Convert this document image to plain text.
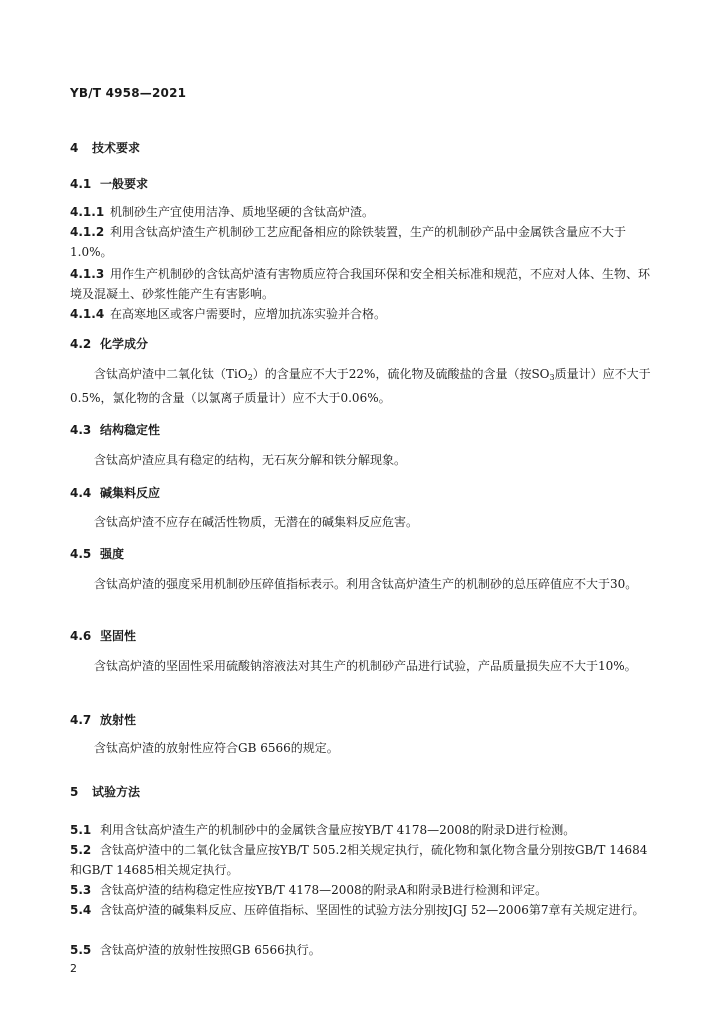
YB/T 4958—2021
4 技术要求
4.1 一般要求
4.1.1 机制砂生产宜使用洁净、质地坚硬的含钛高炉渣。
4.1.2 利用含钛高炉渣生产机制砂工艺应配备相应的除铁装置，生产的机制砂产品中金属铁含量应不大于1.0%。
4.1.3 用作生产机制砂的含钛高炉渣有害物质应符合我国环保和安全相关标准和规范，不应对人体、生物、环境及混凝土、砂浆性能产生有害影响。
4.1.4 在高寒地区或客户需要时，应增加抗冻实验并合格。
4.2 化学成分
含钛高炉渣中二氧化钛（TiO$_2$）的含量应不大于22%，硫化物及硫酸盐的含量（按$SO_3$质量计）应不大于0.5%，氯化物的含量（以氯离子质量计）应不大于0.06%。
4.3 结构稳定性
含钛高炉渣应具有稳定的结构，无石灰分解和铁分解现象。
4.4 碱集料反应
含钛高炉渣不应存在碱活性物质，无潜在的碱集料反应危害。
4.5 强度
含钛高炉渣的强度采用机制砂压碎值指标表示。利用含钛高炉渣生产的机制砂的总压碎值应不大于30。
4.6 坚固性
含钛高炉渣的坚固性采用硫酸钠溶液法对其生产的机制砂产品进行试验，产品质量损失应不大于10%。
4.7 放射性
含钛高炉渣的放射性应符合GB 6566的规定。
5 试验方法
5.1 利用含钛高炉渣生产的机制砂中的金属铁含量应按YB/T 4178—2008的附录D进行检测。
5.2 含钛高炉渣中的二氧化钛含量应按YB/T 505.2相关规定执行，硫化物和氯化物含量分别按GB/T 14684和GB/T 14685相关规定执行。
5.3 含钛高炉渣的结构稳定性应按YB/T 4178—2008的附录A和附录B进行检测和评定。
5.4 含钛高炉渣的碱集料反应、压碎值指标、坚固性的试验方法分别按JGJ 52—2006第7章有关规定进行。
5.5 含钛高炉渣的放射性按照GB 6566执行。
2
